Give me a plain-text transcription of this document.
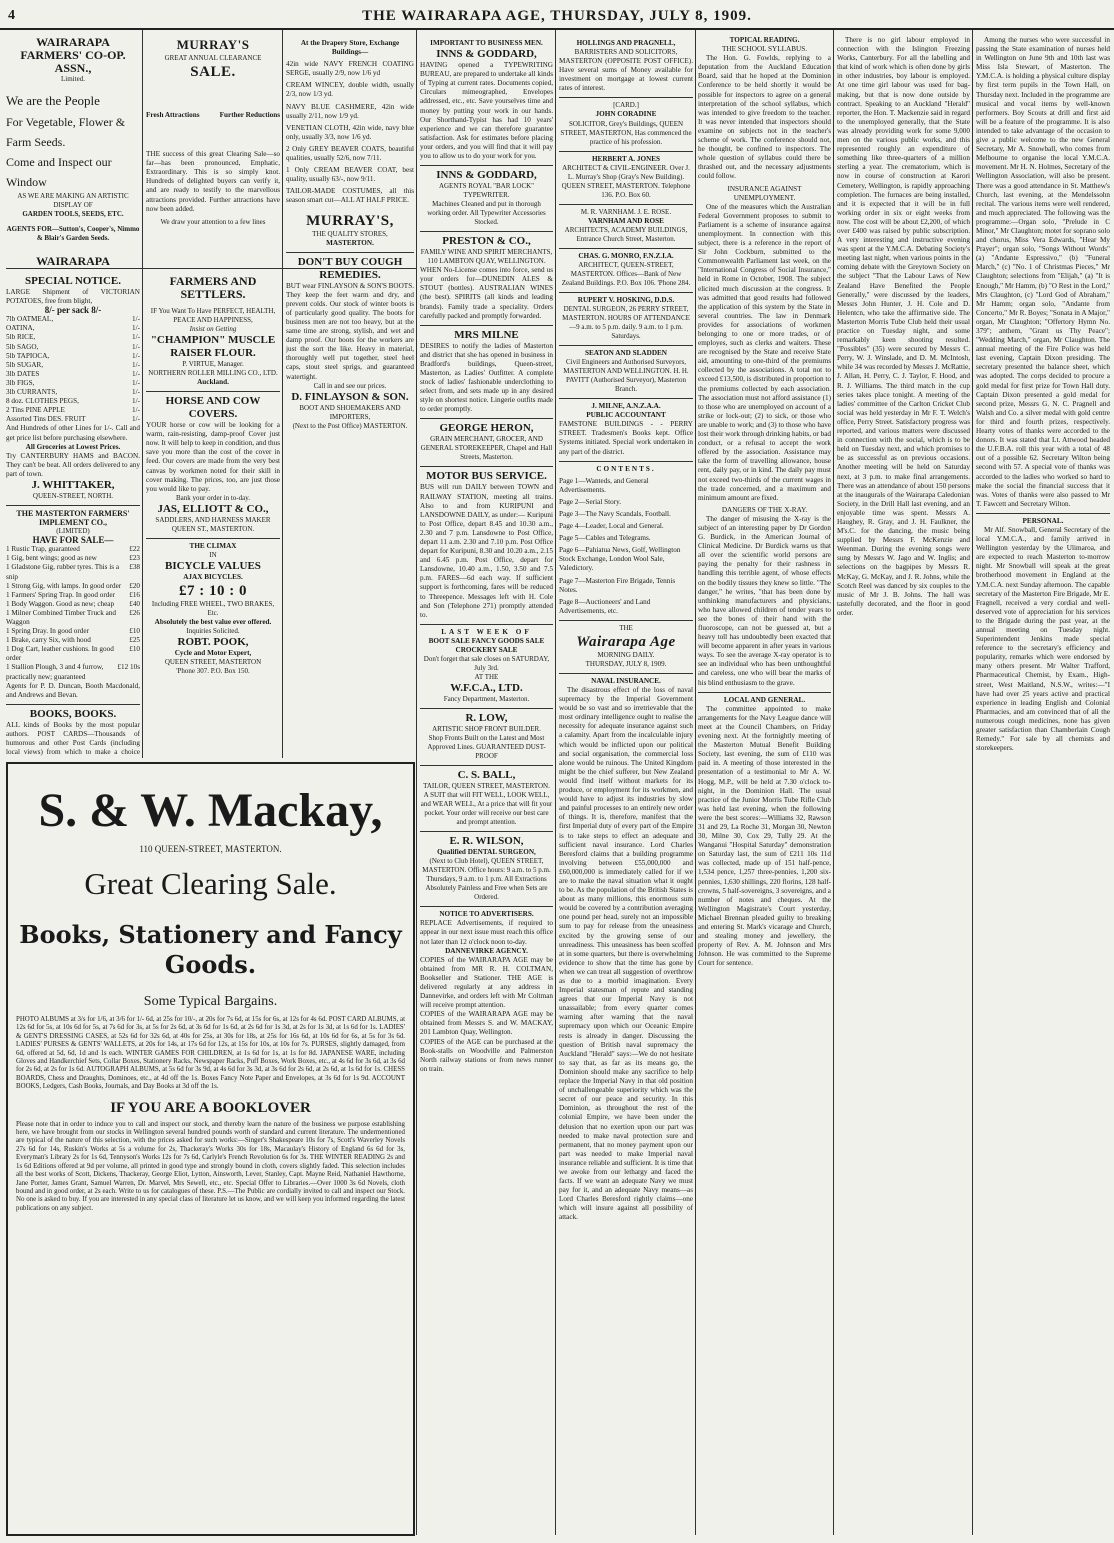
4	THE WAIRARAPA AGE, THURSDAY, JULY 8, 1909.
WAIRARAPA FARMERS' CO-OP. ASSN.,
Limited.
We are the People
For Vegetable, Flower & Farm Seeds.
Come and Inspect our Window
AS WE ARE MAKING AN ARTISTIC DISPLAY OF
GARDEN TOOLS, SEEDS, ETC.
AGENTS FOR—Sutton's, Cooper's, Nimmo & Blair's Garden Seeds.
WAIRARAPA
SPECIAL NOTICE.
LARGE Shipment of VICTORIAN POTATOES, free from blight,
8/- per sack 8/-
7lb OATMEAL,	1/-
OATINA,	1/-
5lb RICE,	1/-
5lb SAGO,	1/-
5lb TAPIOCA,	1/-
5lb SUGAR,	1/-
3lb DATES	1/-
3lb FIGS,	1/-
3lb CURRANTS,	1/-
8 doz. CLOTHES PEGS,	1/-
2 Tins PINE APPLE	1/-
Assorted Tins DES. FRUIT	1/-
And Hundreds of other Lines for 1/-. Call and get price list before purchasing elsewhere.
All Groceries at Lowest Prices.
Try CANTERBURY HAMS and BACON. They can't be beat. All orders delivered to any part of town.
J. WHITTAKER,
QUEEN-STREET, NORTH.
THE MASTERTON FARMERS' IMPLEMENT CO.,
(LIMITED)
HAVE FOR SALE—
1 Rustic Trap, guaranteed	£22
1 Gig, bent wings; good as new	£23
1 Gladstone Gig, rubber tyres. This is a snip
£38
1 Strong Gig, with lamps. In good order £20
1 Farmers' Spring Trap. In good order £16
1 Body Waggon. Good as new; cheap £40
1 Milner Combined Timber Truck and Waggon
£26
1 Spring Dray. In good order	£10
1 Brake, carry Six, with hood	£25
1 Dog Cart, leather cushions. In good order
£10
1 Stallion Plough, 3 and 4 furrow, practically new; guaranteed
£12 10s
Agents for P. D. Duncan, Booth Macdonald, and Andrews and Bevan.
BOOKS, BOOKS.
ALL kinds of Books by the most popular authors. POST CARDS—Thousands of humorous and other Post Cards (including local views) from which to make a choice
MURRAY'S
GREAT ANNUAL CLEARANCE
SALE.
Fresh Attractions	Further Reductions
THE success of this great Clearing Sale—so far—has been pronounced, Emphatic, Extraordinary. This is so simply knot. Hundreds of delighted buyers can verify it, and are ready to testify to the marvellous attractions provided. Further attractions have now been added.
We draw your attention to a few lines
FARMERS AND SETTLERS.
IF You Want To Have PERFECT, HEALTH, PEACE AND HAPPINESS,
Insist on Getting
"CHAMPION" MUSCLE RAISER FLOUR.
P. VIRTUE, Manager.
NORTHERN ROLLER MILLING CO., LTD.
Auckland.
HORSE AND COW COVERS.
YOUR horse or cow will be looking for a warm, rain-resisting, damp-proof Cover just now. It will help to keep in condition, and thus save you more than the cost of the cover in feed. Our covers are made from the very best canvas by workmen noted for their skill in cover making. The prices, too, are just those you would like to pay.
Bank your order in to-day.
JAS, ELLIOTT & CO.,
SADDLERS, AND HARNESS MAKER
QUEEN ST., MASTERTON.
THE CLIMAX
IN
BICYCLE VALUES
AJAX BICYCLES.
£7 : 10 : 0
Including FREE WHEEL, TWO BRAKES, Etc.
Absolutely the best value ever offered.
Inquiries Solicited.
ROBT. POOK,
Cycle and Motor Expert,
QUEEN STREET, MASTERTON
'Phone 307. P.O. Box 150.
At the Drapery Store, Exchange Buildings—
42in wide NAVY FRENCH COATING SERGE, usually 2/9, now 1/6 yd
CREAM WINCEY, double width, usually 2/3, now 1/3 yd.
NAVY BLUE CASHMERE, 42in wide usually 2/11, now 1/9 yd.
VENETIAN CLOTH, 42in wide, navy blue only, usually 3/3, now 1/6 yd.
2 Only GREY BEAVER COATS, beautiful qualities, usually 52/6, now 7/11.
1 Only CREAM BEAVER COAT, best quality, usually 63/-, now 9/11.
TAILOR-MADE COSTUMES, all this season smart cut—ALL AT HALF PRICE.
MURRAY'S,
THE QUALITY STORES,
MASTERTON.
DON'T BUY COUGH REMEDIES.
BUT wear FINLAYSON & SON'S BOOTS. They keep the feet warm and dry, and prevent colds. Our stock of winter boots is of particularly good quality. The boots for business men are not too heavy, but at the same time are strong, stylish, and wet and damp proof. Our boots for the workers are just the sort the like. Heavy in material, thoroughly well put together, steel heel caps, stout steel sprigs, and guaranteed watertight.
Call in and see our prices.
D. FINLAYSON & SON.
BOOT AND SHOEMAKERS AND IMPORTERS,
(Next to the Post Office) MASTERTON.
S. & W. Mackay,
110 QUEEN-STREET, MASTERTON.
Great Clearing Sale.
Books, Stationery and Fancy Goods.
Some Typical Bargains.
PHOTO ALBUMS at 3/s for 1/6, at 3/6 for 1/- 6d, at 25s for 10/-, at 20s for 7s 6d, at 15s for 6s, at 12s for 4s 6d. POST CARD ALBUMS, at 12s 6d for 5s, at 10s 6d for 5s, at 7s 6d for 3s, at 5s for 2s 6d, at 3s 6d for 1s 6d, at 2s 6d for 1s 3d, at 2s for 1s 3d, at 1s 6d for 1s. LADIES' & GENT'S DRESSING CASES, at 52s 6d for 32s 6d, at 40s for 25s, at 30s for 18s, at 25s for 16s 6d, at 10s 6d for 6s, at 5s for 3s 6d. LADIES' PURSES & GENTS' WALLETS, at 20s for 14s, at 17s 6d for 12s, at 15s for 10s, at 10s for 7s. PURSES, slightly damaged, from 6d, offered at 5d, 6d, 1d and 1s each. WINTER GAMES FOR CHILDREN, at 1s 6d for 1s, at 1s for 8d. JAPANESE WARE, including Gloves and Handkerchief Sets, Collar Boxes, Stationery Racks, Newspaper Racks, Puff Boxes, Work Boxes, etc., at 4s 6d for 3s 6d, at 3s 6d for 2s 6d, at 2s for 1s 6d. AUTOGRAPH ALBUMS, at 5s 6d for 3s 9d, at 4s 6d for 3s 3d, at 3s 6d for 2s 6d, at 2s 6d, at 1s 6d for 1s. CHESS BOARDS, Chess and Draughts, Dominoes, etc., at 4d off the 1s. Boxes Fancy Note Paper and Envelopes, at 3s 6d for 1s 9d. ACCOUNT BOOKS, Ledgers, Cash Books, Journals, and Day Books at 3d off the 1s.
IF YOU ARE A BOOKLOVER
Please note that in order to induce you to call and inspect our stock, and thereby learn the nature of the business we purpose establishing here, we have brought from our stocks in Wellington several hundred pounds worth of standard and current literature. The undermentioned are typical of the nature of this selection, with the prices asked for such works:—Singer's Shakespeare 10s for 7s, Scott's Waverley Novels 27s 6d for 14s, Ruskin's Works at 5s a volume for 2s, Thackeray's Works 30s for 18s, Macaulay's History of England 6s 6d for 3s, Everyman's Library 2s for 1s 6d, Tennyson's Works 12s for 7s 6d, Carlyle's French Revolution 6s for 3s. THE WINTER READING 2s and 1s 6d Editions offered at 9d per volume, all printed in good type and strongly bound in cloth, covers slightly faded. This selection includes all the best works of Scott, Dickens, Thackeray, George Eliot, Lytton, Ainsworth, Lever, Stanley, Capt. Mayne Reid, Nathaniel Hawthorne, Jane Porter, James Grant, Samuel Warren, Dr. Marvel, Mrs Sewell, etc., etc. Special Offer to Libraries.—Over 1000 3s 6d Novels, cloth bound and in good order, at 2s each. Write to us for catalogues of these. P.S.—The Public are cordially invited to call and inspect our Stock. No one is asked to buy. If you are interested in any special class of literature let us know, and we will keep you informed regarding the latest publications on any subject.
IMPORTANT TO BUSINESS MEN.
INNS & GODDARD,
HAVING opened a TYPEWRITING BUREAU, are prepared to undertake all kinds of Typing at current rates. Documents copied, Circulars mimeographed, Envelopes addressed, etc., etc. Save yourselves time and money by putting your work in our hands. Our Shorthand-Typist has had 10 years' experience and we can therefore guarantee satisfaction. Ask for estimates before placing your orders, and you will find that it will pay you to allow us to do your work for you.
INNS & GODDARD,
AGENTS ROYAL "BAR LOCK" TYPEWRITER.
Machines Cleaned and put in thorough working order. All Typewriter Accessories Stocked.
PRESTON & CO.,
FAMILY WINE AND SPIRIT MERCHANTS,
110 LAMBTON QUAY, WELLINGTON.
WHEN No-License comes into force, send us your orders for—DUNEDIN ALES & STOUT (bottles). AUSTRALIAN WINES (the best). SPIRITS (all kinds and leading brands). Family trade a speciality. Orders carefully packed and promptly forwarded.
MRS MILNE
DESIRES to notify the ladies of Masterton and district that she has opened in business in Bradford's buildings, Queen-street, Masterton, as Ladies' Outfitter. A complete stock of ladies' fashionable underclothing to select from, and sets made up in any desired style on shortest notice. Lingerie outfits made to order promptly.
GEORGE HERON,
GRAIN MERCHANT, GROCER, AND GENERAL STOREKEEPER, Chapel and Hall Streets, Masterton.
MOTOR BUS SERVICE.
BUS will run DAILY between TOWN and RAILWAY STATION, meeting all trains. Also to and from KURIPUNI and LANSDOWNE DAILY, as under:— Kuripuni to Post Office, depart 8.45 and 10.30 a.m., 2.30 and 7 p.m. Lansdowne to Post Office, depart 11 a.m. 2.30 and 7.10 p.m. Post Office depart for Kuripuni, 8.30 and 10.20 a.m., 2.15 and 6.45 p.m. Post Office, depart for Lansdowne, 10.40 a.m., 1.50, 3.50 and 7.5 p.m. FARES—6d each way. If sufficient support is forthcoming, fares will be reduced to Threepence. Messages left with H. Cole and Son (Telephone 271) promptly attended to.
LAST WEEK OF
BOOT SALE FANCY GOODS SALE CROCKERY SALE
Don't forget that sale closes on SATURDAY, July 3rd.
AT THE
W.F.C.A., LTD.
Fancy Department, Masterton.
R. LOW,
ARTISTIC SHOP FRONT BUILDER.
Shop Fronts Built on the Latest and Most Approved Lines. GUARANTEED DUST-PROOF
C. S. BALL,
TAILOR, QUEEN STREET, MASTERTON.
A SUIT that will FIT WELL, LOOK WELL, and WEAR WELL, At a price that will fit your pocket. Your order will receive our best care and prompt attention.
E. R. WILSON,
Qualified DENTAL SURGEON,
(Next to Club Hotel), QUEEN STREET, MASTERTON. Office hours: 9 a.m. to 5 p.m. Thursdays, 9 a.m. to 1 p.m. All Extractions Absolutely Painless and Free when Sets are Ordered.
NOTICE TO ADVERTISERS.
REPLACE Advertisements, if required to appear in our next issue must reach this office not later than 12 o'clock noon to-day.
DANNEVIRKE AGENCY.
COPIES of the WAIRARAPA AGE may be obtained from MR R. H. COLTMAN, Bookseller and Stationer. THE AGE is delivered regularly at any address in Dannevirke, and orders left with Mr Coltman will receive prompt attention.
COPIES of the WAIRARAPA AGE may be obtained from Messrs S. and W. MACKAY, 201 Lambton Quay, Wellington.
COPIES of the AGE can be purchased at the Book-stalls on Woodville and Palmerston North railway stations or from news runner on train.
HOLLINGS AND PRAGNELL,
BARRISTERS AND SOLICITORS,
MASTERTON (OPPOSITE POST OFFICE). Have several sums of Money available for investment on mortgage at lowest current rates of interest.
[CARD.]
JOHN CORADINE
SOLICITOR, Grey's Buildings, QUEEN STREET, MASTERTON, Has commenced the practice of his profession.
HERBERT A. JONES
ARCHITECT & CIVIL-ENGINEER. Over J. L. Murray's Shop (Gray's New Building). QUEEN STREET, MASTERTON. Telephone 136. P.O. Box 60.
M. R. VARNHAM. J. E. ROSE.
VARNHAM AND ROSE
ARCHITECTS, ACADEMY BUILDINGS, Entrance Church Street, Masterton.
CHAS. G. MONRO, F.N.Z.I.A.
ARCHITECT, QUEEN-STREET, MASTERTON. Offices—Bank of New Zealand Buildings. P.O. Box 106. 'Phone 284.
RUPERT V. HOSKING, D.D.S.
DENTAL SURGEON, 26 PERRY STREET, MASTERTON. HOURS OF ATTENDANCE—9 a.m. to 5 p.m. daily. 9 a.m. to 1 p.m. Saturdays.
SEATON AND SLADDEN
Civil Engineers and Authorised Surveyors, MASTERTON AND WELLINGTON. H. H. PAVITT (Authorised Surveyor), Masterton Branch.
J. MILNE, A.N.Z.A.A.
PUBLIC ACCOUNTANT
FAMSTONE BUILDINGS - - PERRY STREET. Tradesmen's Books kept. Office Systems initiated. Special work undertaken in any part of the district.
CONTENTS.
Page 1—Wanteds, and General Advertisements.
Page 2—Serial Story.
Page 3—The Navy Scandals, Football.
Page 4—Leader, Local and General.
Page 5—Cables and Telegrams.
Page 6—Pahiatua News, Golf, Wellington Stock Exchange, London Wool Sale, Valedictory.
Page 7—Masterton Fire Brigade, Tennis Notes.
Page 8—Auctioneers' and Land Advertisements, etc.
THE
Wairarapa Age
MORNING DAILY.
THURSDAY, JULY 8, 1909.
NAVAL INSURANCE.

The disastrous effect of the loss of naval supremacy by the Imperial Government would be so vast and so irretrievable that the most ordinary intelligence ought to realise the necessity for adequate insurance against such a calamity. Apart from the incalculable injury which would be inflicted upon our political and social organisation, the commercial loss alone would be ruinous. The United Kingdom might be the chief sufferer, but New Zealand would find itself without markets for its produce, or employment for its workmen, and would have to adjust its industries by slow and painful processes to an entirely new order of things. It is, therefore, manifest that the first Imperial duty of every part of the Empire is to take steps to effect an adequate and sufficient naval insurance. Lord Charles Beresford claims that a building programme involving between £55,000,000 and £60,000,000 is immediately called for if we are to make the naval situation what it ought to be. As the population of the British States is about as many millions, this enormous sum would be covered by a contribution averaging one pound per head, surely not an impossible sum to pay for release from the uneasiness excited by the growing sense of our unreadiness. This uneasiness has been scoffed at in some quarters, but there is overwhelming evidence to show that the time has gone by when we can treat all suggestion of overthrow as due to a morbid imagination. Every Imperial statesman of repute and standing agrees that our Imperial Navy is not unassailable; from every quarter comes warning after warning that the naval supremacy upon which our Oceanic Empire rests is already in danger. Discussing the question of British naval supremacy the Auckland "Herald" says:—We do not hesitate to say that, as far as its means go, the Dominion should make any sacrifice to help replace the Imperial Navy in that old position of unchallengeable superiority which was the secret of our peace and security. In this Dominion, as throughout the rest of the colonial Empire, we have been under the delusion that no exertion upon our part was needed to make naval protection sure and permanent, that no money payment upon our part was needed to make Imperial naval insurance reliable and sufficient. It is time that we awoke from our lethargy and faced the facts. If we want an adequate Navy we must pay for it, and an adequate Navy means—as Lord Charles Beresford rightly claims—one which will insure against all possibility of attack.

TOPICAL READING.
THE SCHOOL SYLLABUS.

The Hon. G. Fowlds, replying to a deputation from the Auckland Education Board, said that he hoped at the Dominion Conference to be held shortly it would be possible for inspectors to agree on a general interpretation of the school syllabus, which was intended to give freedom to the teacher. It was never intended that inspectors should examine on subjects not in the teacher's scheme of work. The conference should not, he thought, be confined to inspectors. The whole question of syllabus could there be thrashed out, and the necessary adjustments could follow.

INSURANCE AGAINST UNEMPLOYMENT.

One of the measures which the Australian Federal Government proposes to submit to Parliament is a scheme of insurance against unemployment. In connection with this subject, there is a reference in the report of Sir John Cockburn, submitted to the Commonwealth Parliament last week, on the "International Congress of Social Insurance," held in Rome in October, 1908. The subject elicited much discussion at the congress. It was admitted that good results had followed the application of this system by the State in several countries. The law in Denmark provides for associations of workmen belonging to one or more trades, or of employes, such as clerks and waiters. These are recognised by the State and receive State aid, amounting to one-third of the premiums collected by the associations. A total not to exceed £13,500, is distributed in proportion to the premiums collected by each association. The association must not afford assistance (1) to those who are unemployed on account of a strike or lock-out; (2) to sick, or those who are unable to work; and (3) to those who have lost their work through drinking habits, or bad conduct, or a refusal to accept the work offered by the association. Assistance may take the form of travelling allowance, house rent, daily pay, or in kind. The daily pay must not exceed two-thirds of the current wages in the trade concerned, and a maximum and minimum amount are fixed.

DANGERS OF THE X-RAY.

The danger of misusing the X-ray is the subject of an interesting paper by Dr Gordon G. Burdick, in the American Journal of Clinical Medicine. Dr Burdick warns us that all over the scientific world persons are paying the penalty for their rashness in handling this terrible agent, of whose effects on the bodily tissues they knew so little. "The danger," he writes, "that has been done by unthinking manufacturers and physicians, who have allowed children of tender years to see the bones of their hand with the fluoroscope, can not be guessed at, but a heavy toll has undoubtedly been exacted that will become apparent in after years in various ways. To see the average X-ray operator is to see an individual who has been unthoughtful and careless, one who will bear the marks of his blind enthusiasm to the grave.

LOCAL AND GENERAL.

The committee appointed to make arrangements for the Navy League dance will meet at the Council Chambers, on Friday evening next. At the fortnightly meeting of the Masterton Mutual Benefit Building Society, last evening, the sum of £110 was paid in. A meeting of those interested in the presentation of a testimonial to Mr A. W. Hogg, M.P., will be held at 7.30 o'clock to-night, in the Dominion Hall. The usual practice of the Junior Morris Tube Rifle Club was held last evening, when the following were the best scores:—Williams 32, Rawson 31 and 29, La Roche 31, Morgan 30, Newton 30, Milne 30, Cox 29, Tully 29. At the Wanganui "Hospital Saturday" demonstration on Saturday last, the sum of £211 10s 11d was collected, made up of 151 half-pence, 1,534 pence, 1,257 three-pennies, 1,200 six-pennies, 1,630 shillings, 220 florins, 128 half-crowns, 5 half-sovereigns, 3 sovereigns, and a number of notes and cheques. At the Wellington Magistrate's Court yesterday, Michael Brennan pleaded guilty to breaking and entering St. Mark's vicarage and Church, and stealing money and jewellery, the property of Rev. A. M. Johnson and Mrs Johnson. He was committed to the Supreme Court for sentence.

There is no girl labour employed in connection with the Islington Freezing Works, Canterbury. For all the labelling and that kind of work which is often done by girls in other industries, boy labour is employed. At one time girl labour was used for bag-making, but that is now done outside by contract. Speaking to an Auckland "Herald" reporter, the Hon. T. Mackenzie said in regard to the unemployed generally, that the State was already providing work for some 9,000 men on the various public works, and this represented roughly an expenditure of something like three-quarters of a million sterling a year. The crematorium, which is now in course of construction at Karori Cemetery, Wellington, is rapidly approaching completion. The furnaces are being installed, and it is expected that it will be in full working order in six or eight weeks from now. The cost will be about £2,200, of which over £400 was raised by public subscription. A very interesting and instructive evening was spent at the Y.M.C.A. Debating Society's meeting last night, when various points in the coming debate with the Greytown Society on the subject "That the Labour Laws of New Zealand Have Benefited the People Generally," were discussed by the leaders, Messrs John Hunter, J. H. Cole and D. Helentcn, who take the affirmative side. The Masterton Morris Tube Club held their usual practice on Tuesday night, and some remarkably keen shooting resulted. "Possibles" (35) were secured by Messrs C. Perry, W. J. Winslade, and D. M. McIntosh, while 34 was recorded by Messrs J. McRattie, J. Allan, H. Perry, C. J. Taylor, F. Hood, and R. J. Williams. The third match in the cup series takes place tonight. A meeting of the ladies' committee of the Carlton Cricket Club social was held yesterday in Mr F. T. Welch's office, Perry Street. Satisfactory progress was reported, and various matters were discussed in connection with the social, which is to be held on Tuesday next, and which promises to be as successful as on previous occasions. Another meeting will be held on Saturday next, at 3 p.m. to make final arrangements. There was an attendance of about 150 persons at the inaugurals of the Wairarapa Caledonian Society, in the Drill Hall last evening, and an enjoyable time was spent. Messrs A. Haughey, R. Gray, and J. H. Faulkner, the M's.C. for the dancing, the music being supplied by Messrs F. McKenzie and Weenman. During the evening songs were sung by Messrs W. Jago and W. Inglis; and selections on the bagpipes by Messrs R. McKay, G. McKay, and J. R. Johns, while the Scotch Reel was danced by six couples to the music of Mr J. B. Johns. The hall was tastefully decorated, and the floor in good order.

Among the nurses who were successful in passing the State examination of nurses held in Wellington on June 9th and 10th last was Miss Isla Stewart, of Masterton. The Y.M.C.A. is holding a physical culture display by first term pupils in the Town Hall, on Thursday next. Included in the programme are musical and vocal items by well-known performers. Boy Scouts at drill and first aid will be a feature of the programme. It is also intended to take advantage of the occasion to give a public welcome to the new General Secretary, Mr A. Snowball, who comes from Melbourne to organise the local Y.M.C.A. movement. Mr H. N. Holmes, Secretary of the Wellington Association, will also be present. There was a good attendance in St. Matthew's Church, last evening, at the Mendelssohn recital. The various items were well rendered, and much appreciated. The following was the programme:—Organ solo, "Prelude in C Minor," Mr Claughton; motet for soprano solo and chorus, Miss Vera Edwards, "Hear My Prayer"; organ solo, "Songs Without Words" (a) "Andante Espressivo," (b) "Funeral March," (c) "No. 1 of Christmas Pieces," Mr Claughton; selections from "Elijah," (a) "It is Enough," Mr Hamm, (b) "O Rest in the Lord," Mrs Claughton, (c) "Lord God of Abraham," Mr Hamm; organ solo, "Andante from Concerto," Mr R. Boyes; "Sonata in A Major," organ, Mr Claughton; "Offertory Hymn No. 379"; anthem, "Grant us Thy Peace"; "Wedding March," organ, Mr Claughton. The annual meeting of the Fire Police was held last evening, Captain Dixon presiding. The secretary presented the balance sheet, which was adopted. The corps decided to procure a gold medal for first prize for Town Hall duty. Captain Dixon presented a gold medal for second prize, Messrs G. N. C. Pragnell and Walsh and Co. a silver medal with gold centre for third and fourth prizes, respectively. Hearty votes of thanks were accorded to the donors. It was stated that Lt. Attwood headed the U.F.B.A. roll this year with a total of 48 out of a possible 62. Secretary Wilton being second with 57. A special vote of thanks was accorded to the ladies who worked so hard to make the social the financial success that it was. Votes of thanks were also passed to Mr T. Fawcett and Secretary Wilton.

PERSONAL.

Mr Alf. Snowball, General Secretary of the local Y.M.C.A., and family arrived in Wellington yesterday by the Ulimaroa, and are expected to reach Masterton to-morrow night. Mr Snowball will speak at the great brotherhood movement in England at the Y.M.C.A. next Sunday afternoon. The capable secretary of the Masterton Fire Brigade, Mr E. Fragnell, received a very cordial and well-deserved vote of appreciation for his services to the Brigade during the past year, at the annual meeting on Tuesday night. Superintendent Jenkins made special reference to the secretary's efficiency and popularity, remarks which were endorsed by many others present. Mr Walter Trafford, Pharmaceutical Chemist, by Exam., High-street, West Maitland, N.S.W., writes:—"I have had over 25 years active and practical experience in leading English and Colonial Pharmacies, and am convinced that of all the numerous cough medicines, none has given greater satisfaction than Chamberlain Cough Remedy." For sale by all chemists and storekeepers.
